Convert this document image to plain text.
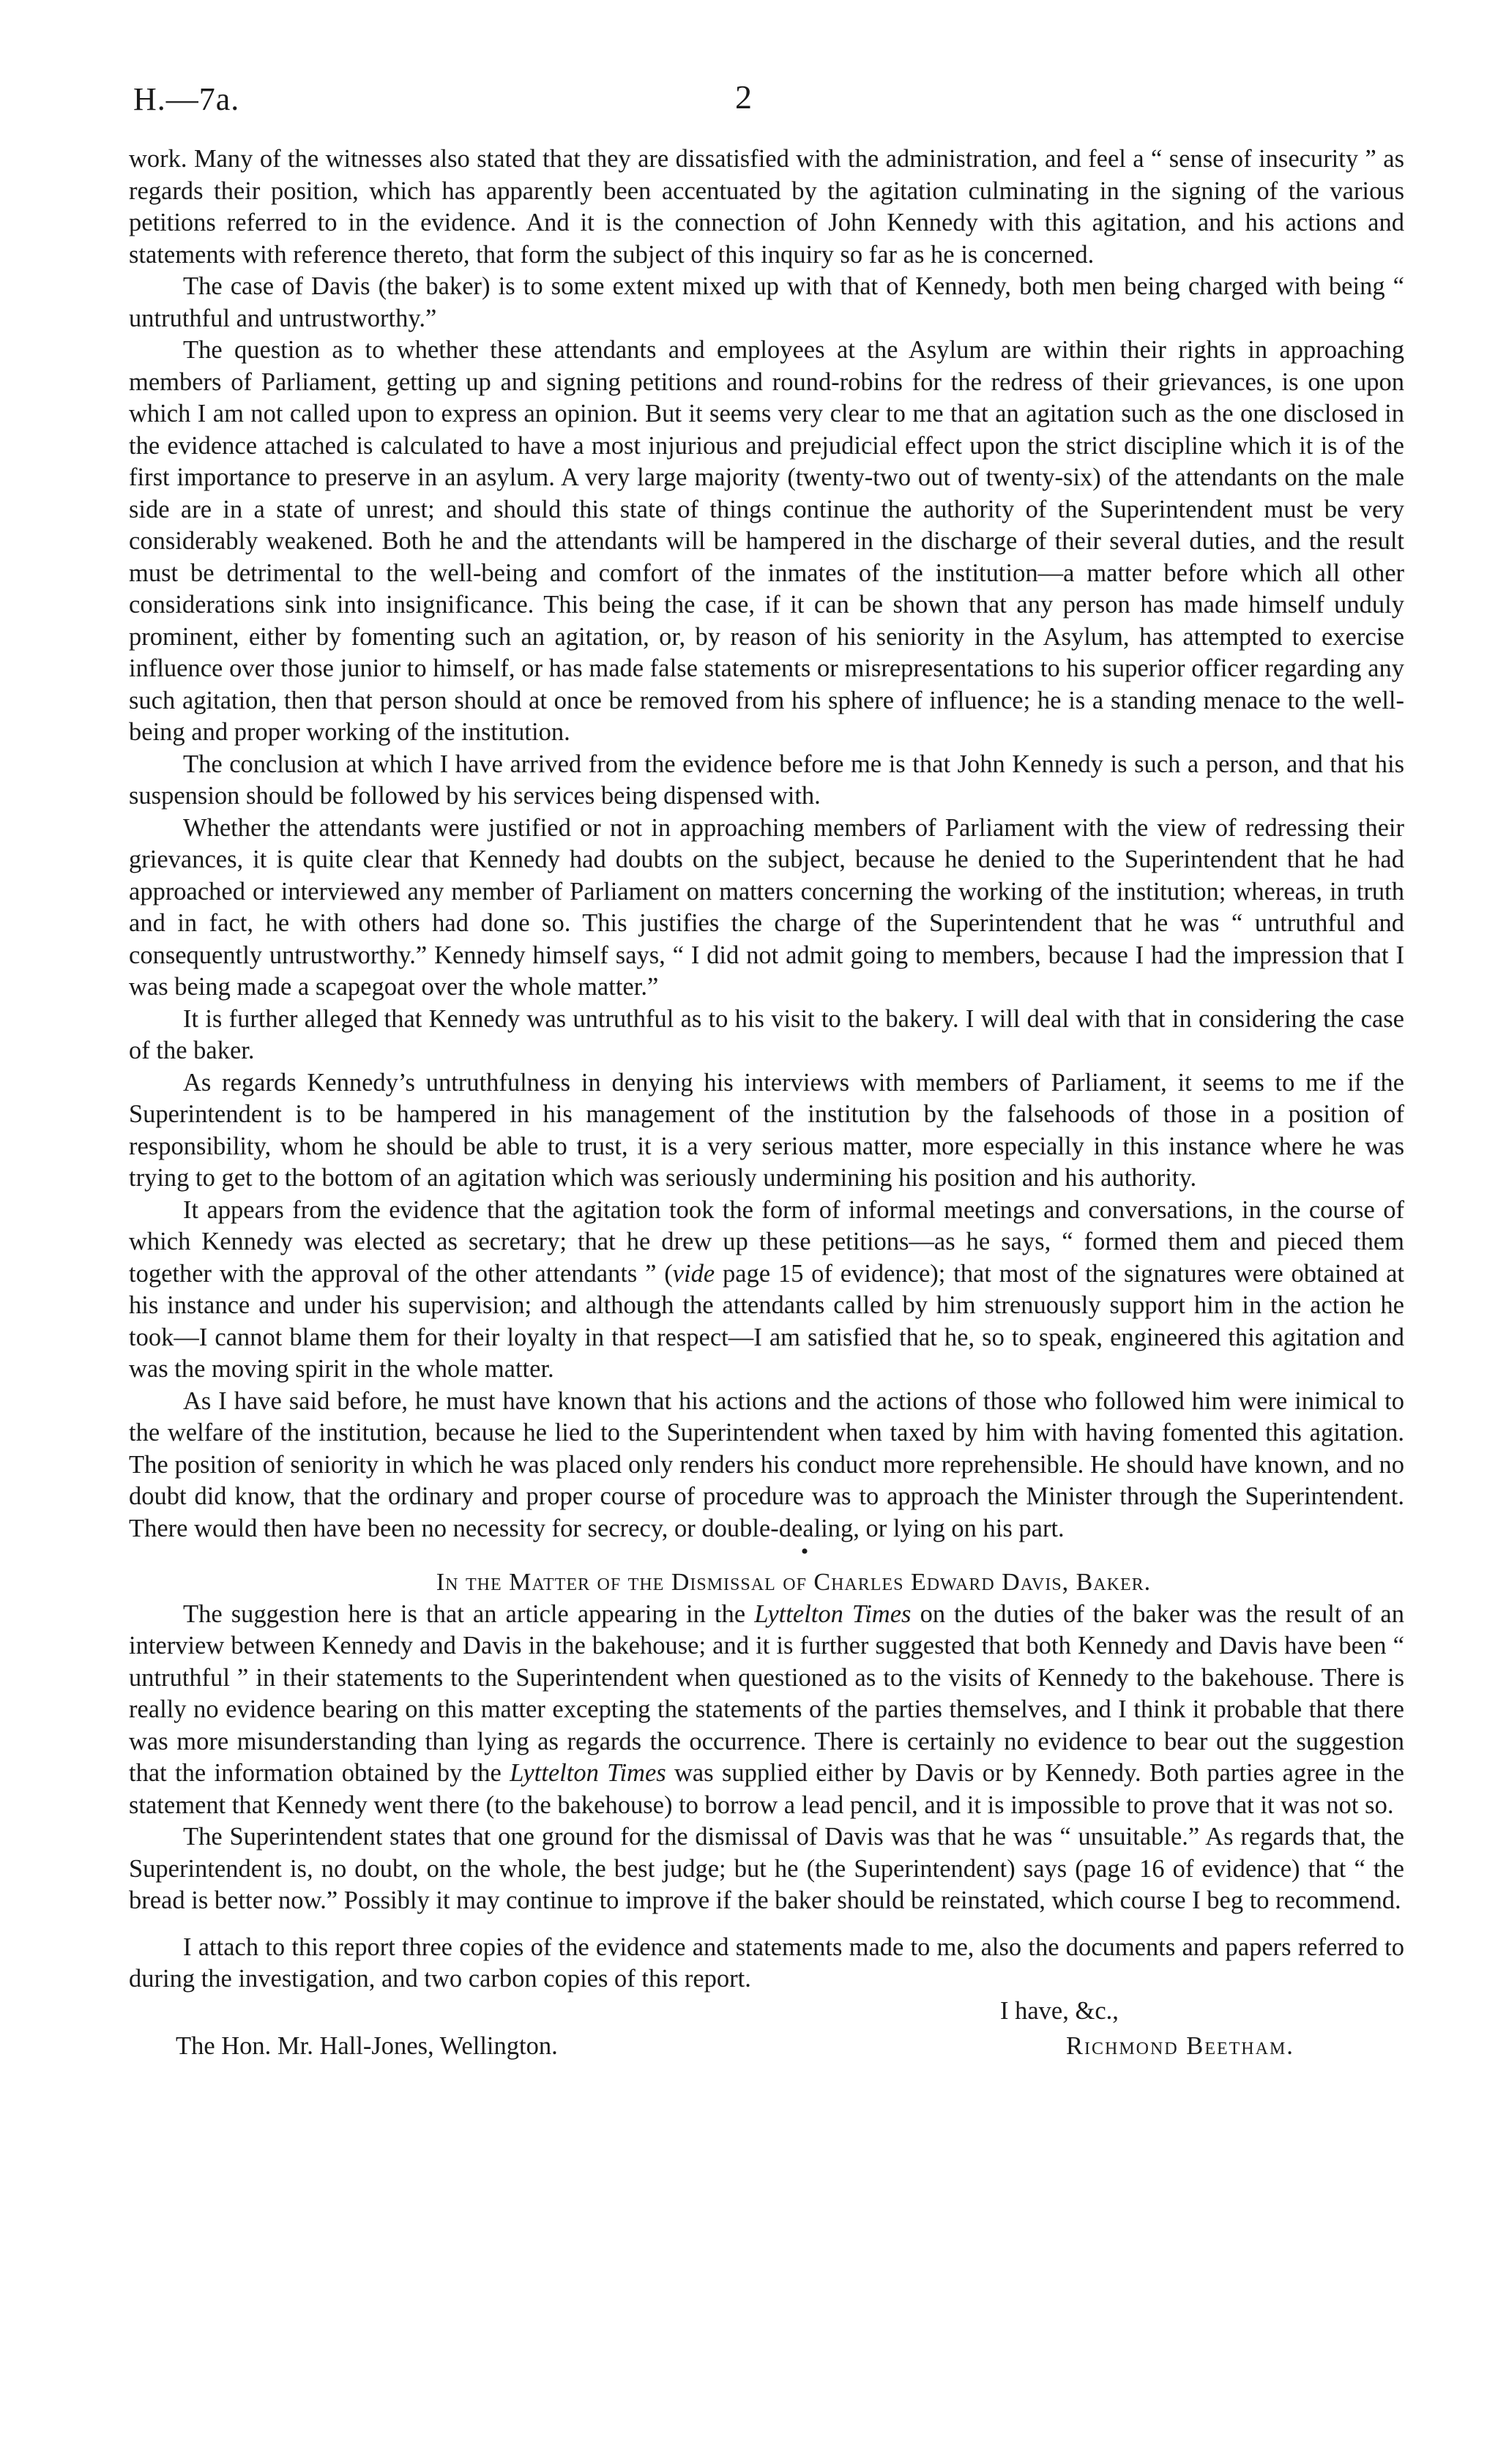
H.—7a.	2

work. Many of the witnesses also stated that they are dissatisfied with the administration, and feel a “ sense of insecurity ” as regards their position, which has apparently been accentuated by the agitation culminating in the signing of the various petitions referred to in the evidence. And it is the connection of John Kennedy with this agitation, and his actions and statements with reference thereto, that form the subject of this inquiry so far as he is concerned.

The case of Davis (the baker) is to some extent mixed up with that of Kennedy, both men being charged with being “ untruthful and untrustworthy.”

The question as to whether these attendants and employees at the Asylum are within their rights in approaching members of Parliament, getting up and signing petitions and round-robins for the redress of their grievances, is one upon which I am not called upon to express an opinion. But it seems very clear to me that an agitation such as the one disclosed in the evidence attached is calculated to have a most injurious and prejudicial effect upon the strict discipline which it is of the first importance to preserve in an asylum. A very large majority (twenty-two out of twenty-six) of the attendants on the male side are in a state of unrest; and should this state of things continue the authority of the Superintendent must be very considerably weakened. Both he and the attendants will be hampered in the discharge of their several duties, and the result must be detrimental to the well-being and comfort of the inmates of the institution—a matter before which all other considerations sink into insignificance. This being the case, if it can be shown that any person has made himself unduly prominent, either by fomenting such an agitation, or, by reason of his seniority in the Asylum, has attempted to exercise influence over those junior to himself, or has made false statements or misrepresentations to his superior officer regarding any such agitation, then that person should at once be removed from his sphere of influence; he is a standing menace to the well-being and proper working of the institution.

The conclusion at which I have arrived from the evidence before me is that John Kennedy is such a person, and that his suspension should be followed by his services being dispensed with.

Whether the attendants were justified or not in approaching members of Parliament with the view of redressing their grievances, it is quite clear that Kennedy had doubts on the subject, because he denied to the Superintendent that he had approached or interviewed any member of Parliament on matters concerning the working of the institution; whereas, in truth and in fact, he with others had done so. This justifies the charge of the Superintendent that he was “ untruthful and consequently untrustworthy.” Kennedy himself says, “ I did not admit going to members, because I had the impression that I was being made a scapegoat over the whole matter.”

It is further alleged that Kennedy was untruthful as to his visit to the bakery. I will deal with that in considering the case of the baker.

As regards Kennedy’s untruthfulness in denying his interviews with members of Parliament, it seems to me if the Superintendent is to be hampered in his management of the institution by the falsehoods of those in a position of responsibility, whom he should be able to trust, it is a very serious matter, more especially in this instance where he was trying to get to the bottom of an agitation which was seriously undermining his position and his authority.

It appears from the evidence that the agitation took the form of informal meetings and conversations, in the course of which Kennedy was elected as secretary; that he drew up these petitions—as he says, “ formed them and pieced them together with the approval of the other attendants ” (vide page 15 of evidence); that most of the signatures were obtained at his instance and under his supervision; and although the attendants called by him strenuously support him in the action he took—I cannot blame them for their loyalty in that respect—I am satisfied that he, so to speak, engineered this agitation and was the moving spirit in the whole matter.

As I have said before, he must have known that his actions and the actions of those who followed him were inimical to the welfare of the institution, because he lied to the Superintendent when taxed by him with having fomented this agitation. The position of seniority in which he was placed only renders his conduct more reprehensible. He should have known, and no doubt did know, that the ordinary and proper course of procedure was to approach the Minister through the Superintendent. There would then have been no necessity for secrecy, or double-dealing, or lying on his part.

•

In the Matter of the Dismissal of Charles Edward Davis, Baker.

The suggestion here is that an article appearing in the Lyttelton Times on the duties of the baker was the result of an interview between Kennedy and Davis in the bakehouse; and it is further suggested that both Kennedy and Davis have been “ untruthful ” in their statements to the Superintendent when questioned as to the visits of Kennedy to the bakehouse. There is really no evidence bearing on this matter excepting the statements of the parties themselves, and I think it probable that there was more misunderstanding than lying as regards the occurrence. There is certainly no evidence to bear out the suggestion that the information obtained by the Lyttelton Times was supplied either by Davis or by Kennedy. Both parties agree in the statement that Kennedy went there (to the bakehouse) to borrow a lead pencil, and it is impossible to prove that it was not so.

The Superintendent states that one ground for the dismissal of Davis was that he was “ unsuitable.” As regards that, the Superintendent is, no doubt, on the whole, the best judge; but he (the Superintendent) says (page 16 of evidence) that “ the bread is better now.” Possibly it may continue to improve if the baker should be reinstated, which course I beg to recommend.

I attach to this report three copies of the evidence and statements made to me, also the documents and papers referred to during the investigation, and two carbon copies of this report.

I have, &c.,
The Hon. Mr. Hall-Jones, Wellington.	Richmond Beetham.
